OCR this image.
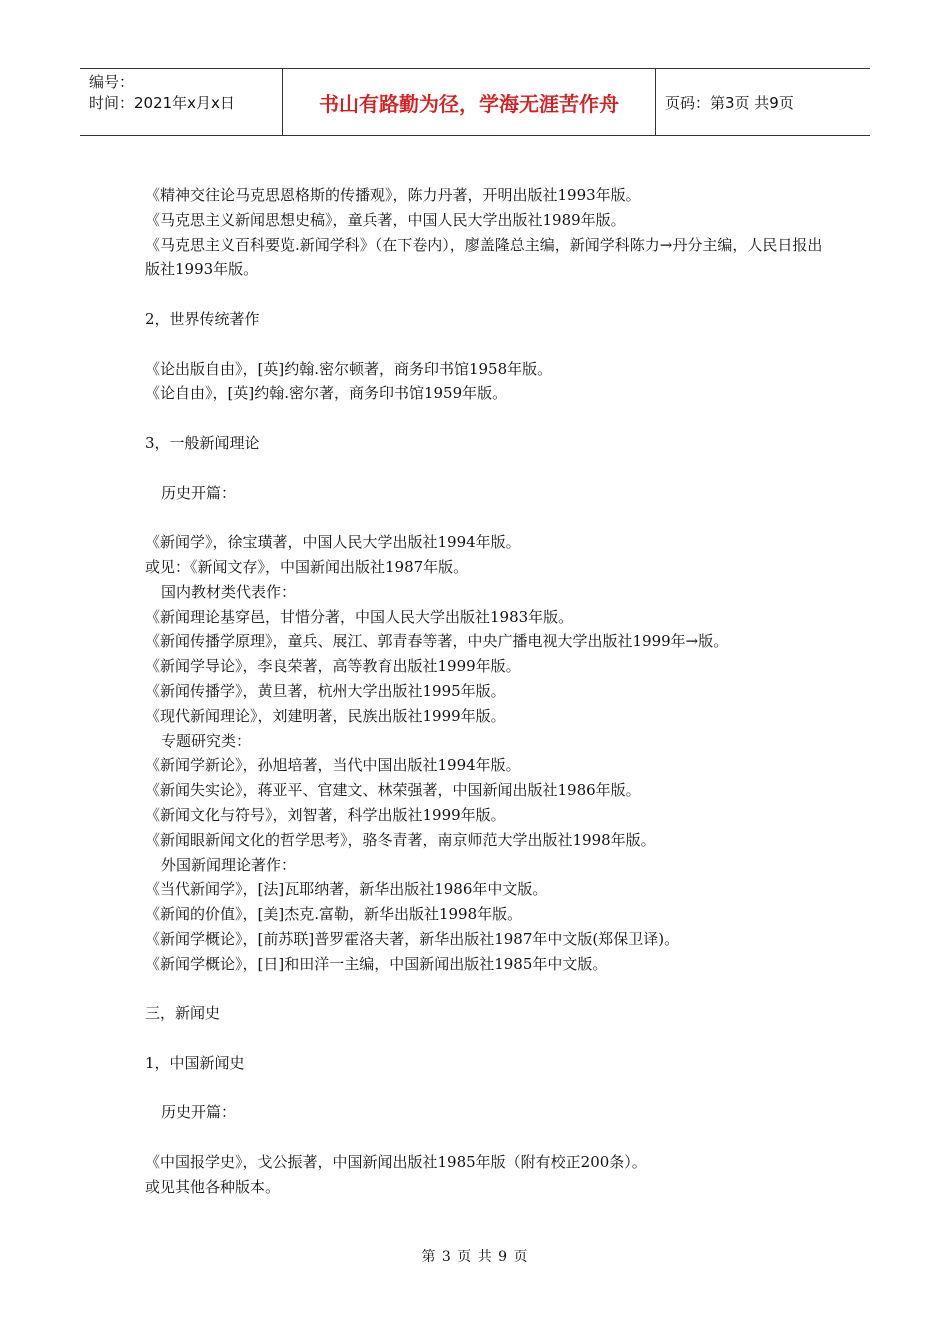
编号：
时间：2021年x月x日	书山有路勤为径，学海无涯苦作舟	页码：第3页 共9页
《精神交往论马克思恩格斯的传播观》，陈力丹著，开明出版社1993年版。
《马克思主义新闻思想史稿》，童兵著，中国人民大学出版社1989年版。
《马克思主义百科要览.新闻学科》（在下卷内），廖盖隆总主编，新闻学科陈力→丹分主编，人民日报出版社1993年版。
2，世界传统著作
《论出版自由》，[英]约翰.密尔顿著，商务印书馆1958年版。
《论自由》，[英]约翰.密尔著，商务印书馆1959年版。
3，一般新闻理论
历史开篇：
《新闻学》，徐宝璜著，中国人民大学出版社1994年版。
或见：《新闻文存》，中国新闻出版社1987年版。
国内教材类代表作：
《新闻理论基穿⾢，甘惜分著，中国人民大学出版社1983年版。
《新闻传播学原理》，童兵、展江、郭青春等著，中央广播电视大学出版社1999年→版。
《新闻学导论》，李良荣著，高等教育出版社1999年版。
《新闻传播学》，黄旦著，杭州大学出版社1995年版。
《现代新闻理论》，刘建明著，民族出版社1999年版。
专题研究类：
《新闻学新论》，孙旭培著，当代中国出版社1994年版。
《新闻失实论》，蒋亚平、官建文、林荣强著，中国新闻出版社1986年版。
《新闻文化与符号》，刘智著，科学出版社1999年版。
《新闻眼新闻文化的哲学思考》，骆冬青著，南京师范大学出版社1998年版。
外国新闻理论著作：
《当代新闻学》，[法]瓦耶纳著，新华出版社1986年中文版。
《新闻的价值》，[美]杰克.富勒，新华出版社1998年版。
《新闻学概论》，[前苏联]普罗霍洛夫著，新华出版社1987年中文版(郑保卫译)。
《新闻学概论》，[日]和田洋一主编，中国新闻出版社1985年中文版。
三，新闻史
1，中国新闻史
历史开篇：
《中国报学史》，戈公振著，中国新闻出版社1985年版（附有校正200条）。
或见其他各种版本。
第 3 页 共 9 页
